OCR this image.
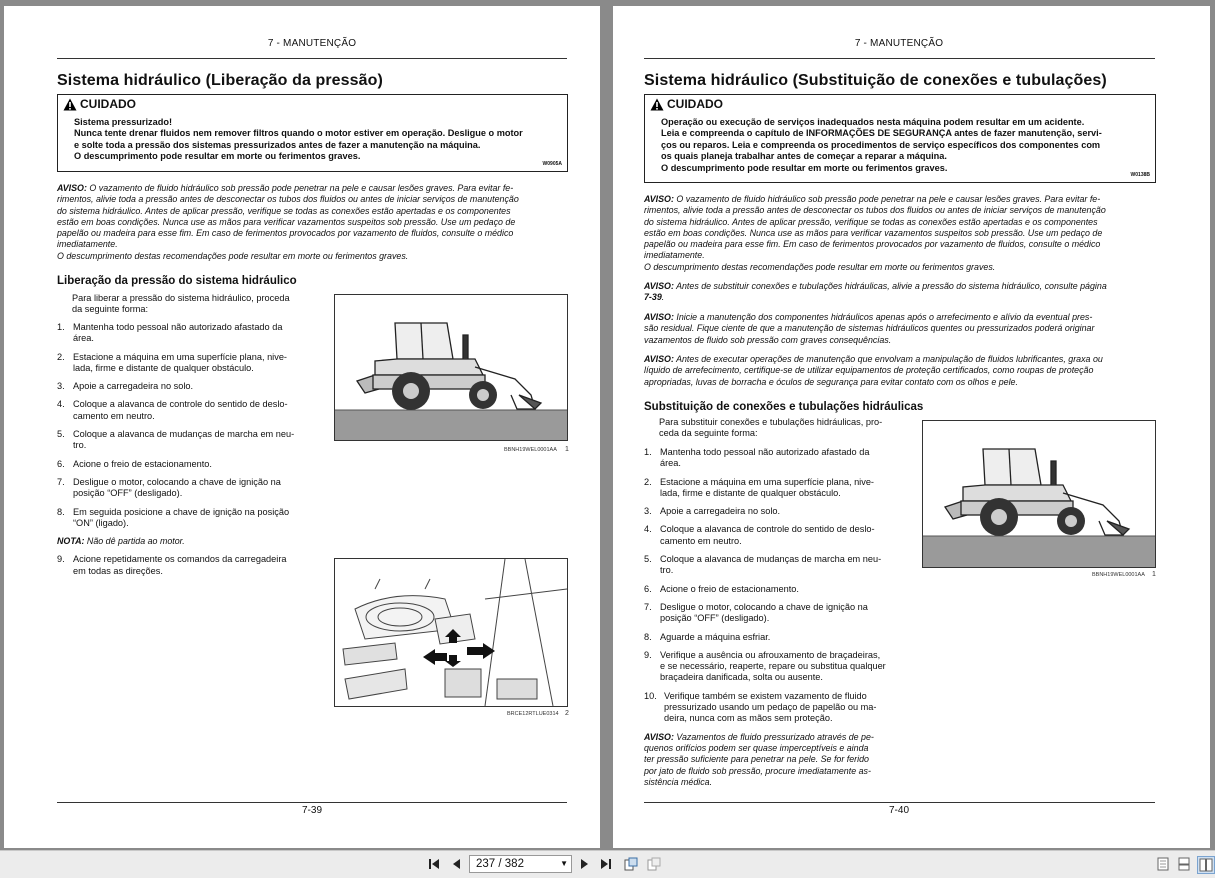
7 - MANUTENÇÃO
Sistema hidráulico (Liberação da pressão)
CUIDADO
Sistema pressurizado!
Nunca tente drenar fluidos nem remover filtros quando o motor estiver em operação. Desligue o motor
e solte toda a pressão dos sistemas pressurizados antes de fazer a manutenção na máquina.
O descumprimento pode resultar em morte ou ferimentos graves.
W0905A
AVISO: O vazamento de fluido hidráulico sob pressão pode penetrar na pele e causar lesões graves. Para evitar fe-
rimentos, alivie toda a pressão antes de desconectar os tubos dos fluidos ou antes de iniciar serviços de manutenção
do sistema hidráulico. Antes de aplicar pressão, verifique se todas as conexões estão apertadas e os componentes
estão em boas condições. Nunca use as mãos para verificar vazamentos suspeitos sob pressão. Use um pedaço de
papelão ou madeira para esse fim. Em caso de ferimentos provocados por vazamento de fluidos, consulte o médico
imediatamente.
O descumprimento destas recomendações pode resultar em morte ou ferimentos graves.
Liberação da pressão do sistema hidráulico
Para liberar a pressão do sistema hidráulico, proceda
da seguinte forma:
1. Mantenha todo pessoal não autorizado afastado da
área.
2. Estacione a máquina em uma superfície plana, nive-
lada, firme e distante de qualquer obstáculo.
3. Apoie a carregadeira no solo.
4. Coloque a alavanca de controle do sentido de deslo-
camento em neutro.
5. Coloque a alavanca de mudanças de marcha em neu-
tro.
6. Acione o freio de estacionamento.
7. Desligue o motor, colocando a chave de ignição na
posição “OFF” (desligado).
8. Em seguida posicione a chave de ignição na posição
“ON” (ligado).
NOTA: Não dê partida ao motor.
9. Acione repetidamente os comandos da carregadeira
em todas as direções.
BBNH19WEL0001AA 1
BRCE12RTLUE0314 2
7-39
7 - MANUTENÇÃO
Sistema hidráulico (Substituição de conexões e tubulações)
CUIDADO
Operação ou execução de serviços inadequados nesta máquina podem resultar em um acidente.
Leia e compreenda o capítulo de INFORMAÇÕES DE SEGURANÇA antes de fazer manutenção, servi-
ços ou reparos. Leia e compreenda os procedimentos de serviço específicos dos componentes com
os quais planeja trabalhar antes de começar a reparar a máquina.
O descumprimento pode resultar em morte ou ferimentos graves.
W0138B
AVISO: O vazamento de fluido hidráulico sob pressão pode penetrar na pele e causar lesões graves. Para evitar fe-
rimentos, alivie toda a pressão antes de desconectar os tubos dos fluidos ou antes de iniciar serviços de manutenção
do sistema hidráulico. Antes de aplicar pressão, verifique se todas as conexões estão apertadas e os componentes
estão em boas condições. Nunca use as mãos para verificar vazamentos suspeitos sob pressão. Use um pedaço de
papelão ou madeira para esse fim. Em caso de ferimentos provocados por vazamento de fluidos, consulte o médico
imediatamente.
O descumprimento destas recomendações pode resultar em morte ou ferimentos graves.
AVISO: Antes de substituir conexões e tubulações hidráulicas, alivie a pressão do sistema hidráulico, consulte página
7-39.
AVISO: Inicie a manutenção dos componentes hidráulicos apenas após o arrefecimento e alívio da eventual pres-
são residual. Fique ciente de que a manutenção de sistemas hidráulicos quentes ou pressurizados poderá originar
vazamentos de fluido sob pressão com graves consequências.
AVISO: Antes de executar operações de manutenção que envolvam a manipulação de fluidos lubrificantes, graxa ou
líquido de arrefecimento, certifique-se de utilizar equipamentos de proteção certificados, como roupas de proteção
apropriadas, luvas de borracha e óculos de segurança para evitar contato com os olhos e pele.
Substituição de conexões e tubulações hidráulicas
Para substituir conexões e tubulações hidráulicas, pro-
ceda da seguinte forma:
1. Mantenha todo pessoal não autorizado afastado da
área.
2. Estacione a máquina em uma superfície plana, nive-
lada, firme e distante de qualquer obstáculo.
3. Apoie a carregadeira no solo.
4. Coloque a alavanca de controle do sentido de deslo-
camento em neutro.
5. Coloque a alavanca de mudanças de marcha em neu-
tro.
6. Acione o freio de estacionamento.
7. Desligue o motor, colocando a chave de ignição na
posição “OFF” (desligado).
8. Aguarde a máquina esfriar.
9. Verifique a ausência ou afrouxamento de braçadeiras,
e se necessário, reaperte, repare ou substitua qualquer
braçadeira danificada, solta ou ausente.
10. Verifique também se existem vazamento de fluido
pressurizado usando um pedaço de papelão ou ma-
deira, nunca com as mãos sem proteção.
AVISO: Vazamentos de fluido pressurizado através de pe-
quenos orifícios podem ser quase imperceptíveis e ainda
ter pressão suficiente para penetrar na pele. Se for ferido
por jato de fluido sob pressão, procure imediatamente as-
sistência médica.
BBNH19WEL0001AA 1
7-40
237 / 382	▼
